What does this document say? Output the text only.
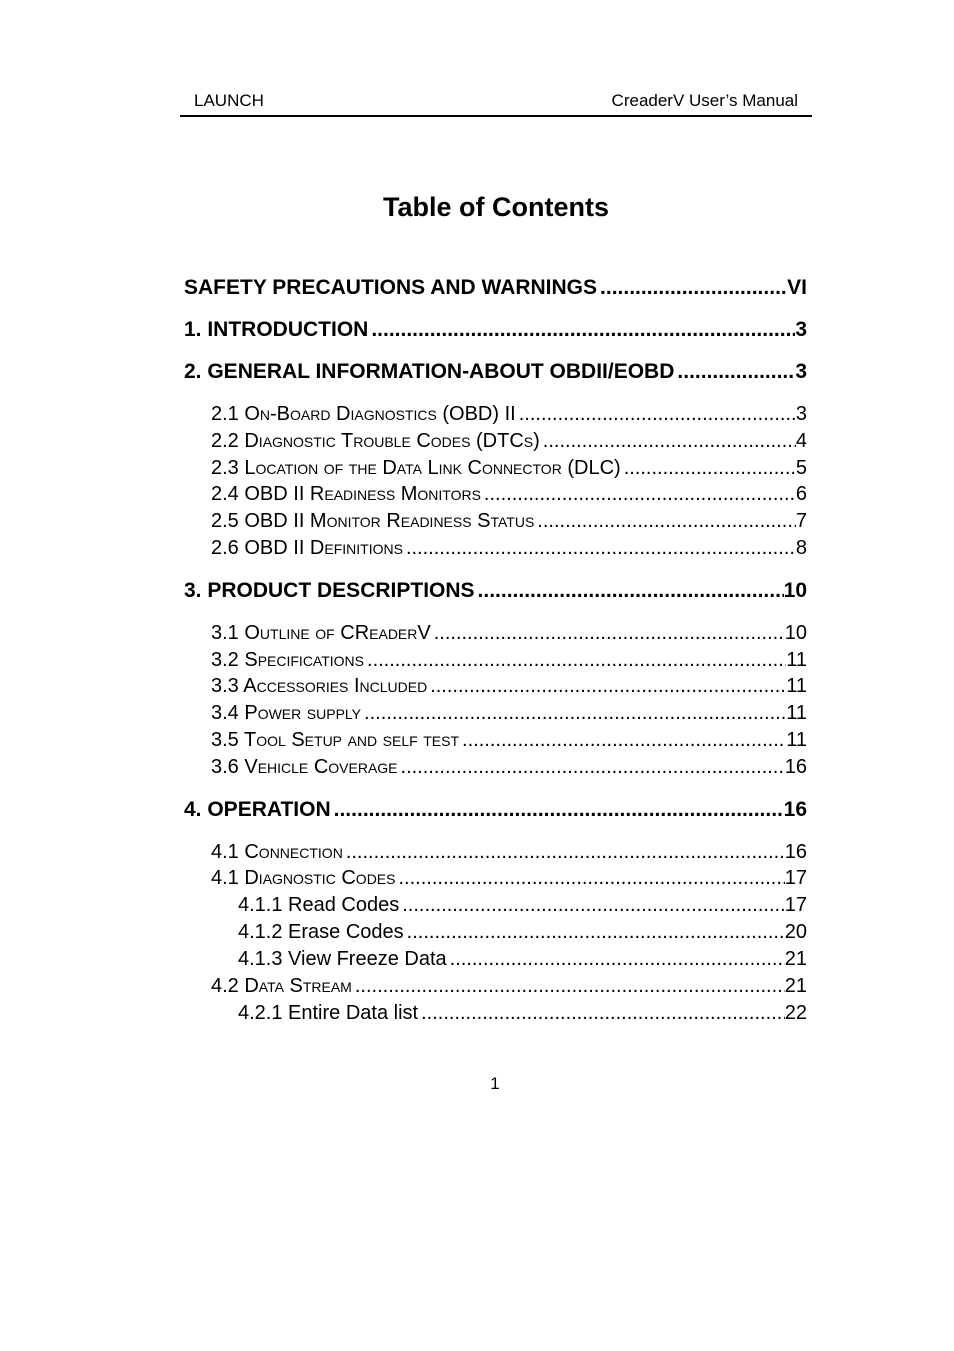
LAUNCH	CreaderV User’s Manual
Table of Contents
SAFETY PRECAUTIONS AND WARNINGS .....	VI
1. INTRODUCTION .....	3
2. GENERAL INFORMATION-ABOUT OBDII/EOBD .....	3
2.1 On-Board Diagnostics (OBD) II .....	3
2.2 Diagnostic Trouble Codes (DTCs) .....	4
2.3 Location of the Data Link Connector (DLC) .....	5
2.4 OBD II Readiness Monitors .....	6
2.5 OBD II Monitor Readiness Status .....	7
2.6 OBD II Definitions .....	8
3. PRODUCT DESCRIPTIONS .....	10
3.1 Outline of CReaderV .....	10
3.2 Specifications .....	11
3.3 Accessories Included .....	11
3.4 Power supply .....	11
3.5 Tool Setup and self test .....	11
3.6 Vehicle Coverage .....	16
4. OPERATION .....	16
4.1 Connection .....	16
4.1 Diagnostic Codes .....	17
4.1.1 Read Codes .....	17
4.1.2 Erase Codes .....	20
4.1.3 View Freeze Data .....	21
4.2 Data Stream .....	21
4.2.1 Entire Data list .....	22
1
